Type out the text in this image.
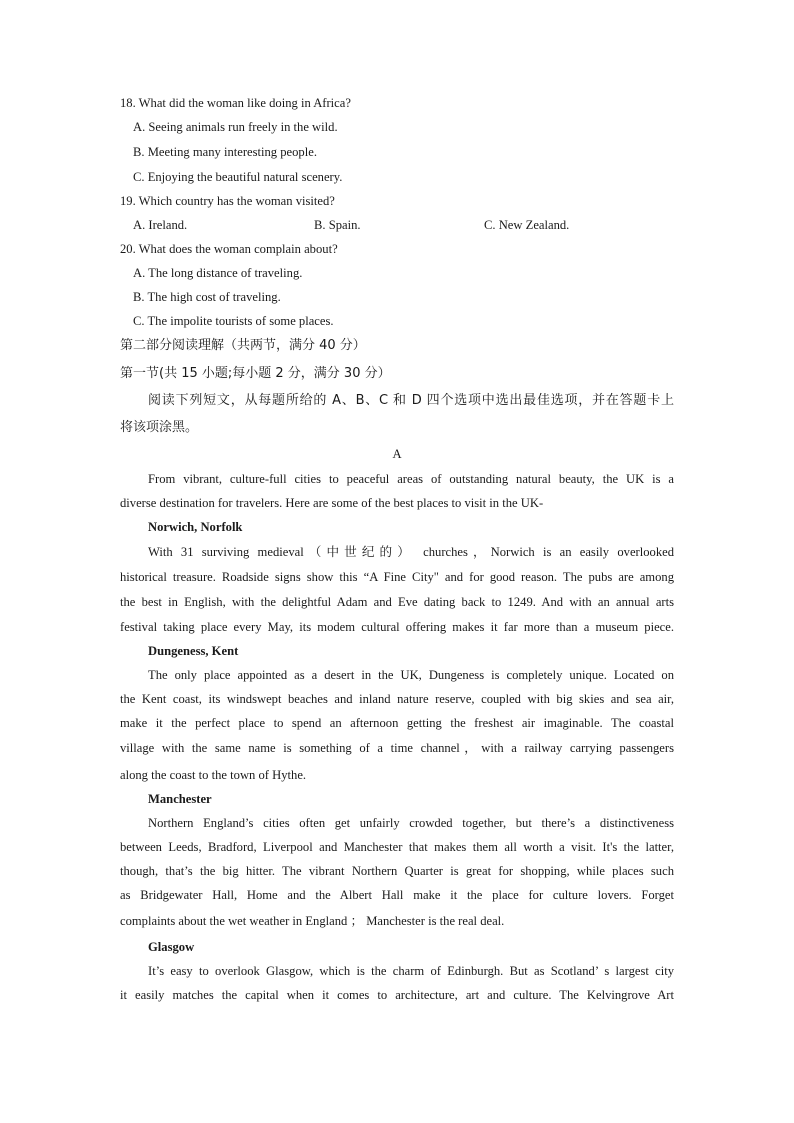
18. What did the woman like doing in Africa?
A. Seeing animals run freely in the wild.
B. Meeting many interesting people.
C. Enjoying the beautiful natural scenery.
19. Which country has the woman visited?
A. Ireland.	B. Spain.	C. New Zealand.
20. What does the woman complain about?
A. The long distance of traveling.
B. The high cost of traveling.
C. The impolite tourists of some places.
第二部分阅读理解（共两节，满分 40 分）
第一节(共 15 小题;每小题 2 分，满分 30 分）
阅读下列短文，从每题所给的 A、B、C 和 D 四个选项中选出最佳选项，并在答题卡上
将该项涂黑。
A
From vibrant, culture-full cities to peaceful areas of outstanding natural beauty, the UK is a
diverse destination for travelers. Here are some of the best places to visit in the UK-
Norwich, Norfolk
With 31 surviving medieval（中世纪的） churches，Norwich is an easily overlooked
historical treasure. Roadside signs show this “A Fine City" and for good reason. The pubs are among
the best in English, with the delightful Adam and Eve dating back to 1249. And with an annual arts
festival taking place every May, its modem cultural offering makes it far more than a museum piece.
Dungeness, Kent
The only place appointed as a desert in the UK, Dungeness is completely unique. Located on
the Kent coast, its windswept beaches and inland nature reserve, coupled with big skies and sea air,
make it the perfect place to spend an afternoon getting the freshest air imaginable. The coastal
village with the same name is something of a time channel，with a railway carrying passengers
along the coast to the town of Hythe.
Manchester
Northern England’s cities often get unfairly crowded together, but there’s a distinctiveness
between Leeds, Bradford, Liverpool and Manchester that makes them all worth a visit. It's the latter,
though, that’s the big hitter. The vibrant Northern Quarter is great for shopping, while places such
as Bridgewater Hall, Home and the Albert Hall make it the place for culture lovers. Forget
complaints about the wet weather in England ； Manchester is the real deal.
Glasgow
It’s easy to overlook Glasgow, which is the charm of Edinburgh. But as Scotland’ s largest city
it easily matches the capital when it comes to architecture, art and culture. The Kelvingrove Art
